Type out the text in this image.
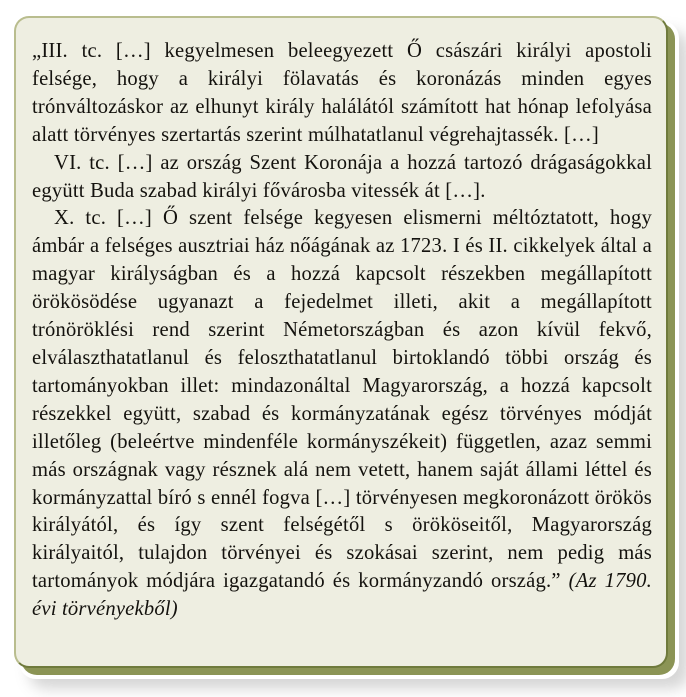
„III. tc. […] kegyelmesen beleegyezett Ő császári királyi apostoli felsége, hogy a királyi fölavatás és koronázás minden egyes trónváltozáskor az elhunyt király halálától számított hat hónap lefolyása alatt törvényes szertartás szerint múlhatatlanul végrehajtassék. […]

VI. tc. […] az ország Szent Koronája a hozzá tartozó drágaságokkal együtt Buda szabad királyi fővárosba vitessék át […].

X. tc. […] Ő szent felsége kegyesen elismerni méltóztatott, hogy ámbár a felséges ausztriai ház nőágának az 1723. I és II. cikkelyek által a magyar királyságban és a hozzá kapcsolt részekben megállapított örökösödése ugyanazt a fejedelmet illeti, akit a megállapított trónöröklési rend szerint Németországban és azon kívül fekvő, elválaszthatatlanul és feloszthatatlanul birtoklandó többi ország és tartományokban illet: mindazonáltal Magyarország, a hozzá kapcsolt részekkel együtt, szabad és kormányzatának egész törvényes módját illetőleg (beleértve mindenféle kormányszékeit) független, azaz semmi más országnak vagy résznek alá nem vetett, hanem saját állami léttel és kormányzattal bíró s ennél fogva […] törvényesen megkoronázott örökös királyától, és így szent felségétől s örököseitől, Magyarország királyaitól, tulajdon törvényei és szokásai szerint, nem pedig más tartományok módjára igazgatandó és kormányzandó ország.” (Az 1790. évi törvényekből)
